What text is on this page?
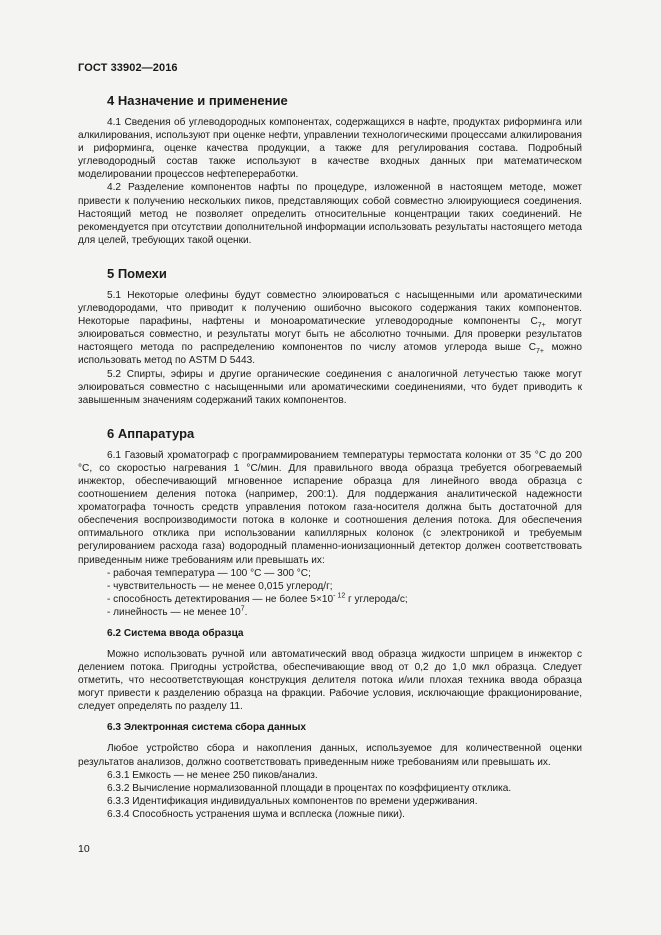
ГОСТ 33902—2016
4 Назначение и применение

4.1 Сведения об углеводородных компонентах, содержащихся в нафте, продуктах риформинга или алкилирования, используют при оценке нефти, управлении технологическими процессами алкилирования и риформинга, оценке качества продукции, а также для регулирования состава. Подробный углеводородный состав также используют в качестве входных данных при математическом моделировании процессов нефтепереработки.

4.2 Разделение компонентов нафты по процедуре, изложенной в настоящем методе, может привести к получению нескольких пиков, представляющих собой совместно элюирующиеся соединения. Настоящий метод не позволяет определить относительные концентрации таких соединений. Не рекомендуется при отсутствии дополнительной информации использовать результаты настоящего метода для целей, требующих такой оценки.

5 Помехи

5.1 Некоторые олефины будут совместно элюироваться с насыщенными или ароматическими углеводородами, что приводит к получению ошибочно высокого содержания таких компонентов. Некоторые парафины, нафтены и моноароматические углеводородные компоненты $С_{7+}$ могут элюироваться совместно, и результаты могут быть не абсолютно точными. Для проверки результатов настоящего метода по распределению компонентов по числу атомов углерода выше $С_{7+}$ можно использовать метод по ASTM D 5443.

5.2 Спирты, эфиры и другие органические соединения с аналогичной летучестью также могут элюироваться совместно с насыщенными или ароматическими соединениями, что будет приводить к завышенным значениям содержаний таких компонентов.

6 Аппаратура

6.1 Газовый хроматограф с программированием температуры термостата колонки от 35 °С до 200 °С, со скоростью нагревания 1 °С/мин. Для правильного ввода образца требуется обогреваемый инжектор, обеспечивающий мгновенное испарение образца для линейного ввода образца с соотношением деления потока (например, 200:1). Для поддержания аналитической надежности хроматографа точность средств управления потоком газа-носителя должна быть достаточной для обеспечения воспроизводимости потока в колонке и соотношения деления потока. Для обеспечения оптимального отклика при использовании капиллярных колонок (с электроникой и требуемым регулированием расхода газа) водородный пламенно-ионизационный детектор должен соответствовать приведенным ниже требованиям или превышать их:

- рабочая температура — 100 °С — 300 °С;
- чувствительность — не менее 0,015 углерод/г;
- способность детектирования — не более $5\times 10^{- 12}$ г углерода/с;
- линейность — не менее $10^7$.
6.2 Система ввода образца

Можно использовать ручной или автоматический ввод образца жидкости шприцем в инжектор с делением потока. Пригодны устройства, обеспечивающие ввод от 0,2 до 1,0 мкл образца. Следует отметить, что несоответствующая конструкция делителя потока и/или плохая техника ввода образца могут привести к разделению образца на фракции. Рабочие условия, исключающие фракционирование, следует определять по разделу 11.

6.3 Электронная система сбора данных

Любое устройство сбора и накопления данных, используемое для количественной оценки результатов анализов, должно соответствовать приведенным ниже требованиям или превышать их.

6.3.1 Емкость — не менее 250 пиков/анализ.
6.3.2 Вычисление нормализованной площади в процентах по коэффициенту отклика.
6.3.3 Идентификация индивидуальных компонентов по времени удерживания.
6.3.4 Способность устранения шума и всплеска (ложные пики).
10
